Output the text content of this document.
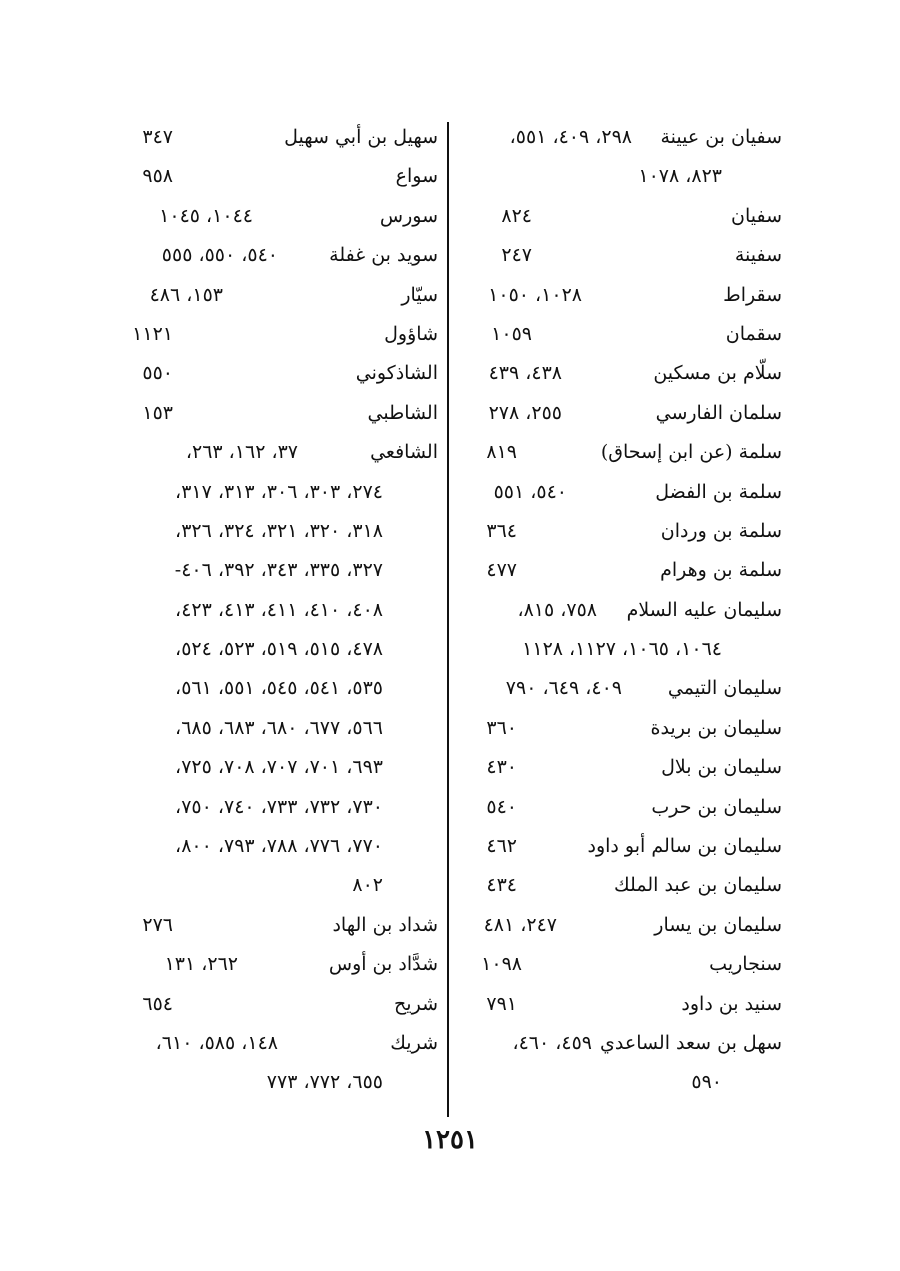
سفيان بن عيينة
٢٩٨، ٤٠٩، ٥٥١،
٨٢٣، ١٠٧٨
سفيان
٨٢٤
سفينة
٢٤٧
سقراط
١٠٢٨، ١٠٥٠
سقمان
١٠٥٩
سلّام بن مسكين
٤٣٨، ٤٣٩
سلمان الفارسي
٢٥٥، ٢٧٨
سلمة (عن ابن إسحاق)
٨١٩
سلمة بن الفضل
٥٤٠، ٥٥١
سلمة بن وردان
٣٦٤
سلمة بن وهرام
٤٧٧
سليمان عليه السلام
٧٥٨، ٨١٥،
١٠٦٤، ١٠٦٥، ١١٢٧، ١١٢٨
سليمان التيمي
٤٠٩، ٦٤٩، ٧٩٠
سليمان بن بريدة
٣٦٠
سليمان بن بلال
٤٣٠
سليمان بن حرب
٥٤٠
سليمان بن سالم أبو داود
٤٦٢
سليمان بن عبد الملك
٤٣٤
سليمان بن يسار
٢٤٧، ٤٨١
سنجاريب
١٠٩٨
سنيد بن داود
٧٩١
سهل بن سعد الساعدي
٤٥٩، ٤٦٠،
٥٩٠
سهيل بن أبي سهيل
٣٤٧
سواع
٩٥٨
سورس
١٠٤٤، ١٠٤٥
سويد بن غفلة
٥٤٠، ٥٥٠، ٥٥٥
سيّار
١٥٣، ٤٨٦
شاؤول
١١٢١
الشاذكوني
٥٥٠
الشاطبي
١٥٣
الشافعي
٣٧، ١٦٢، ٢٦٣،
٢٧٤، ٣٠٣، ٣٠٦، ٣١٣، ٣١٧،
٣١٨، ٣٢٠، ٣٢١، ٣٢٤، ٣٢٦،
٣٢٧، ٣٣٥، ٣٤٣، ٣٩٢، ٤٠٦-
٤٠٨، ٤١٠، ٤١١، ٤١٣، ٤٢٣،
٤٧٨، ٥١٥، ٥١٩، ٥٢٣، ٥٢٤،
٥٣٥، ٥٤١، ٥٤٥، ٥٥١، ٥٦١،
٥٦٦، ٦٧٧، ٦٨٠، ٦٨٣، ٦٨٥،
٦٩٣، ٧٠١، ٧٠٧، ٧٠٨، ٧٢٥،
٧٣٠، ٧٣٢، ٧٣٣، ٧٤٠، ٧٥٠،
٧٧٠، ٧٧٦، ٧٨٨، ٧٩٣، ٨٠٠،
٨٠٢
شداد بن الهاد
٢٧٦
شدَّاد بن أوس
٢٦٢، ١٣١
شريح
٦٥٤
شريك
١٤٨، ٥٨٥، ٦١٠،
٦٥٥، ٧٧٢، ٧٧٣
١٢٥١
